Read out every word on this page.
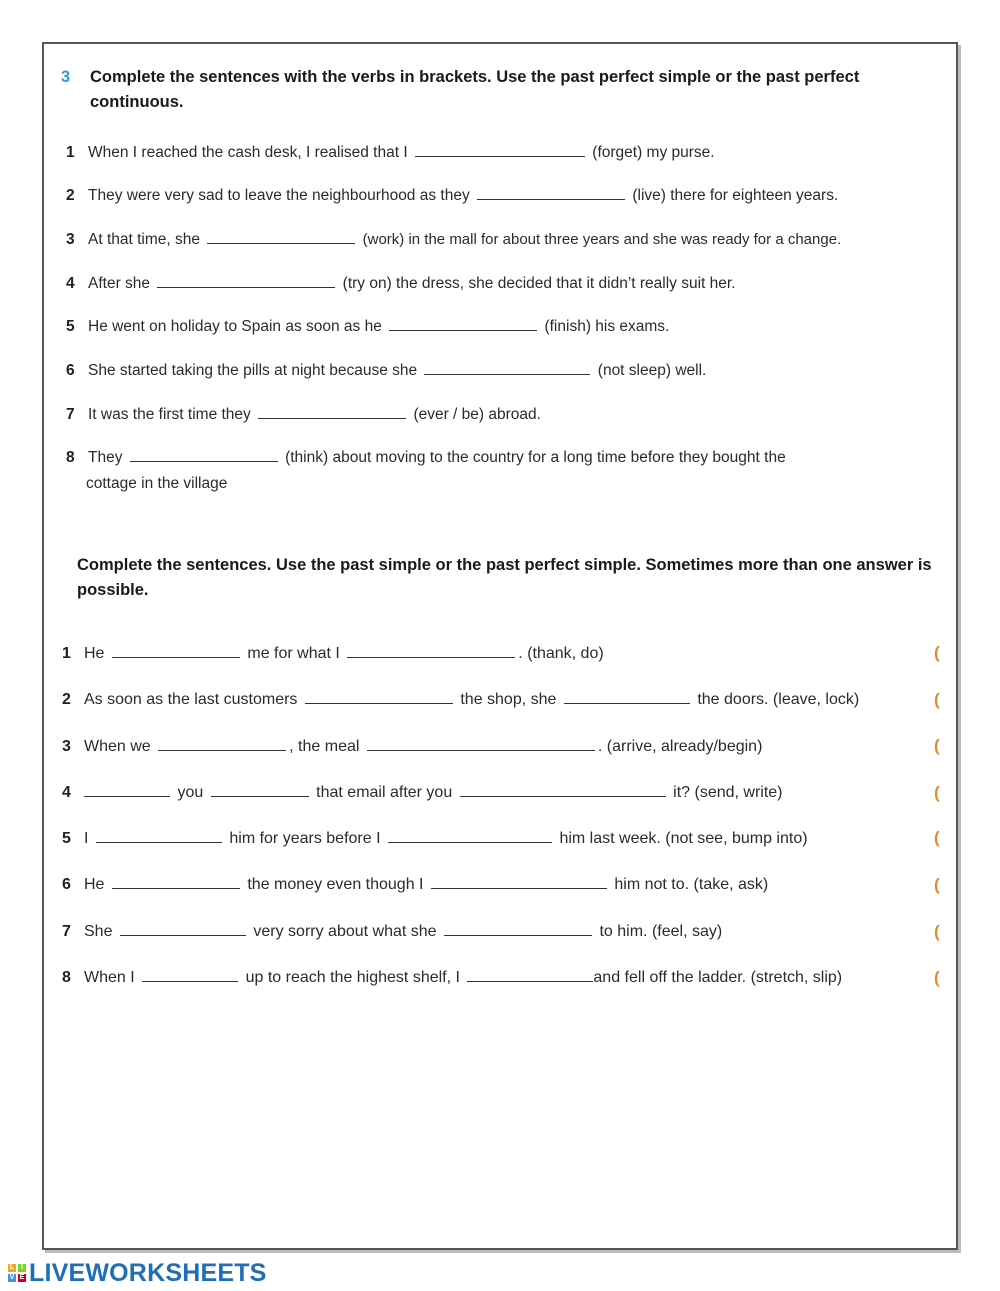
3 Complete the sentences with the verbs in brackets. Use the past perfect simple or the past perfect continuous.
1 When I reached the cash desk, I realised that I	(forget) my purse.
2 They were very sad to leave the neighbourhood as they	(live) there for eighteen years.
3 At that time, she	(work) in the mall for about three years and she was ready for a change.
4 After she	(try on) the dress, she decided that it didn’t really suit her.
5 He went on holiday to Spain as soon as he	(finish) his exams.
6 She started taking the pills at night because she	(not sleep) well.
7 It was the first time they	(ever / be) abroad.
8 They	(think) about moving to the country for a long time before they bought the
cottage in the village
Complete the sentences. Use the past simple or the past perfect simple. Sometimes more than one answer is possible.
1 He	me for what I	. (thank, do)
2 As soon as the last customers	the shop, she	the doors. (leave, lock)
3 When we	, the meal	. (arrive, already/begin)
4	you	that email after you	it? (send, write)
5 I	him for years before I	him last week. (not see, bump into)
6 He	the money even though I	him not to. (take, ask)
7 She	very sorry about what she	to him. (feel, say)
8 When I	up to reach the highest shelf, I	and fell off the ladder. (stretch, slip)
(
(
(
(
(
(
(
(
L I
V E LIVEWORKSHEETS
